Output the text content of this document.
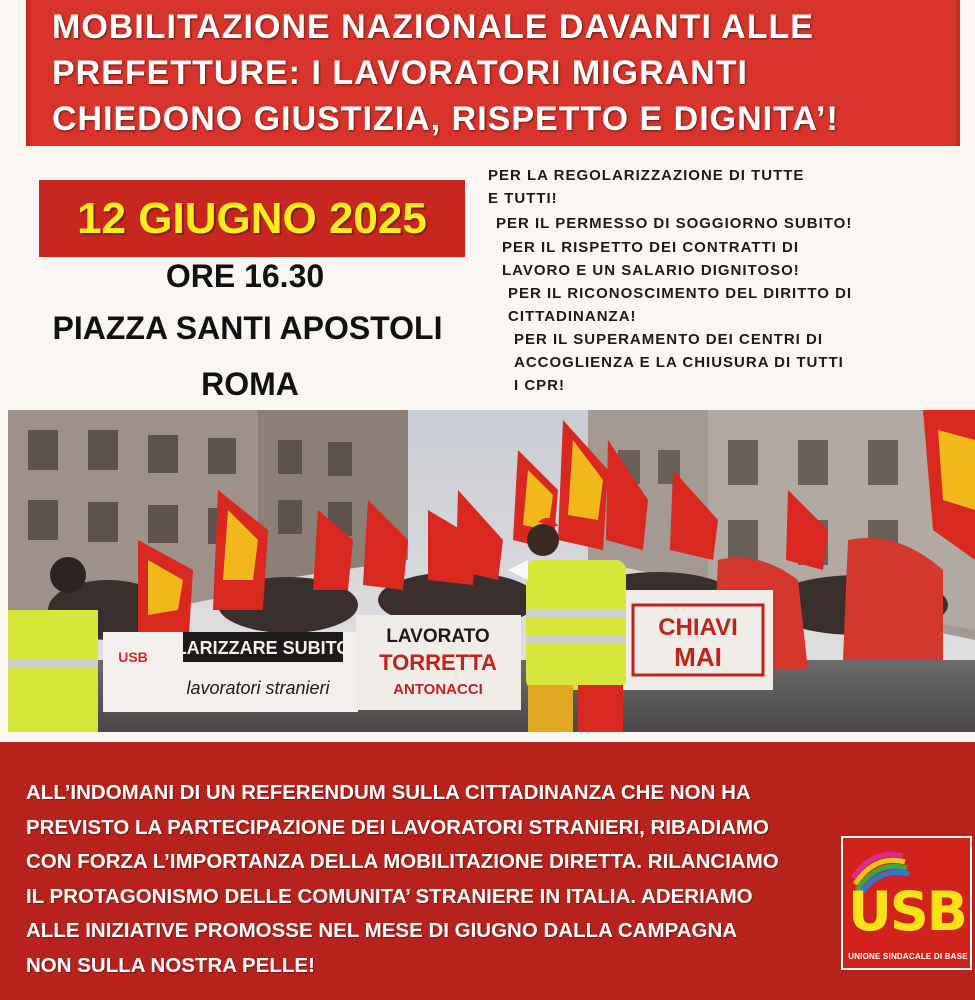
MOBILITAZIONE NAZIONALE DAVANTI ALLE
PREFETTURE: I LAVORATORI MIGRANTI
CHIEDONO GIUSTIZIA, RISPETTO E DIGNITA’!
12 GIUGNO 2025
ORE 16.30
PIAZZA SANTI APOSTOLI
ROMA
PER LA REGOLARIZZAZIONE DI TUTTE
E TUTTI!
PER IL PERMESSO DI SOGGIORNO SUBITO!
PER IL RISPETTO DEI CONTRATTI DI
LAVORO E UN SALARIO DIGNITOSO!
PER IL RICONOSCIMENTO DEL DIRITTO DI
CITTADINANZA!
PER IL SUPERAMENTO DEI CENTRI DI
ACCOGLIENZA E LA CHIUSURA DI TUTTI
I CPR!
LARIZZARE SUBITO
lavoratori stranieri
USB
LAVORATO
TORRETTA
ANTONACCI
CHIAVI
MAI
ALL’INDOMANI DI UN REFERENDUM SULLA CITTADINANZA CHE NON HA
PREVISTO LA PARTECIPAZIONE DEI LAVORATORI STRANIERI, RIBADIAMO
CON FORZA L’IMPORTANZA DELLA MOBILITAZIONE DIRETTA. RILANCIAMO
IL PROTAGONISMO DELLE COMUNITA’ STRANIERE IN ITALIA. ADERIAMO
ALLE INIZIATIVE PROMOSSE NEL MESE DI GIUGNO DALLA CAMPAGNA
NON SULLA NOSTRA PELLE!
USB
UNIONE SINDACALE DI BASE
